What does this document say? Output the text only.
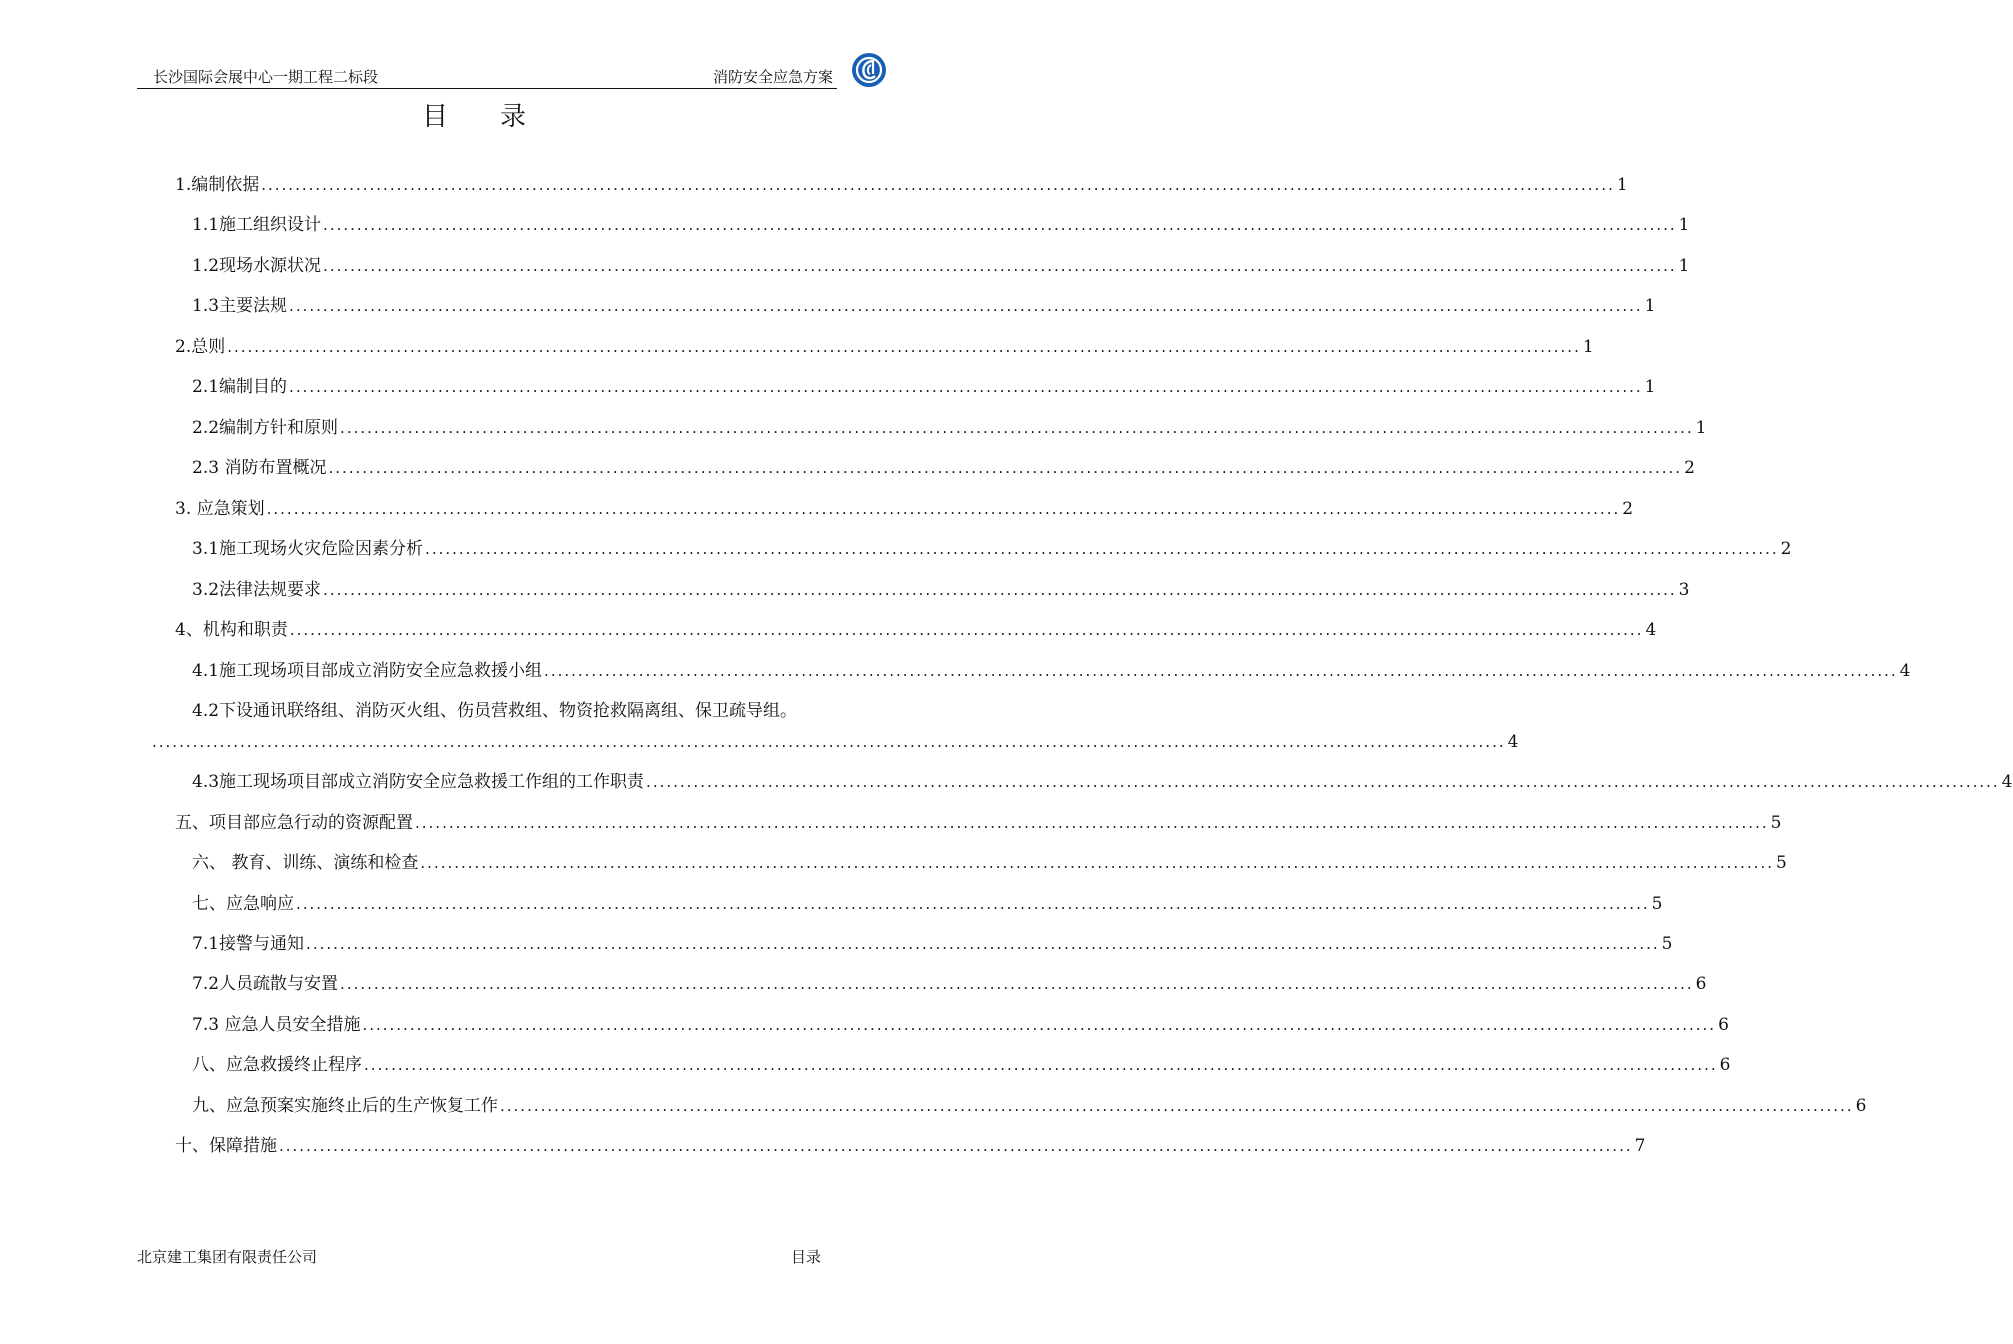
长沙国际会展中心一期工程二标段	消防安全应急方案
目 录
1.编制依据 ........................................................................................................................................................................................................ 1
1.1施工组织设计 ........................................................................................................................................................................................................ 1
1.2现场水源状况 ........................................................................................................................................................................................................ 1
1.3主要法规 ........................................................................................................................................................................................................ 1
2.总则 ........................................................................................................................................................................................................ 1
2.1编制目的 ........................................................................................................................................................................................................ 1
2.2编制方针和原则 ........................................................................................................................................................................................................ 1
2.3 消防布置概况 ........................................................................................................................................................................................................ 2
3. 应急策划 ........................................................................................................................................................................................................ 2
3.1施工现场火灾危险因素分析 ........................................................................................................................................................................................................ 2
3.2法律法规要求 ........................................................................................................................................................................................................ 3
4、机构和职责 ........................................................................................................................................................................................................ 4
4.1施工现场项目部成立消防安全应急救援小组 ........................................................................................................................................................................................................ 4
4.2下设通讯联络组、消防灭火组、伤员营救组、物资抢救隔离组、保卫疏导组。
........................................................................................................................................................................................................ 4
4.3施工现场项目部成立消防安全应急救援工作组的工作职责 ........................................................................................................................................................................................................ 4
五、项目部应急行动的资源配置 ........................................................................................................................................................................................................ 5
六、 教育、训练、演练和检查 ........................................................................................................................................................................................................ 5
七、应急响应 ........................................................................................................................................................................................................ 5
7.1接警与通知 ........................................................................................................................................................................................................ 5
7.2人员疏散与安置 ........................................................................................................................................................................................................ 6
7.3 应急人员安全措施 ........................................................................................................................................................................................................ 6
八、应急救援终止程序 ........................................................................................................................................................................................................ 6
九、应急预案实施终止后的生产恢复工作 ........................................................................................................................................................................................................ 6
十、保障措施 ........................................................................................................................................................................................................ 7
北京建工集团有限责任公司	目录
